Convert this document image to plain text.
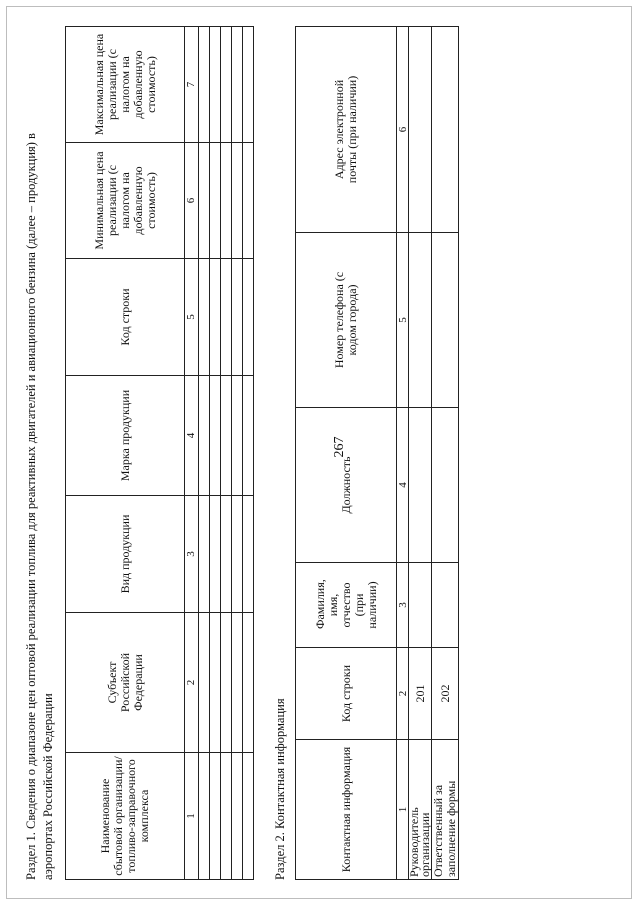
267
Раздел 1. Сведения о диапазоне цен оптовой реализации топлива для реактивных двигателей и авиационного бензина (далее – продукция) в аэропортах Российской Федерации	Наименование сбытовой организации/топливо-заправочного комплекса	Субъект Российской Федерации	Вид продукции	Марка продукции	Код строки	Минимальная цена реализации (с налогом на добавленную стоимость)	Максимальная цена реализации (с налогом на добавленную стоимость)
1	2	3	4	5	6	7

Раздел 2. Контактная информация	Контактная информация	Код строки	Фамилия, имя, отчество (при наличии)	Должность	Номер телефона (с кодом города)	Адрес электронной почты (при наличии)
1	2	3	4	5	6
Руководитель организации	201				
Ответственный за заполнение формы	202				
